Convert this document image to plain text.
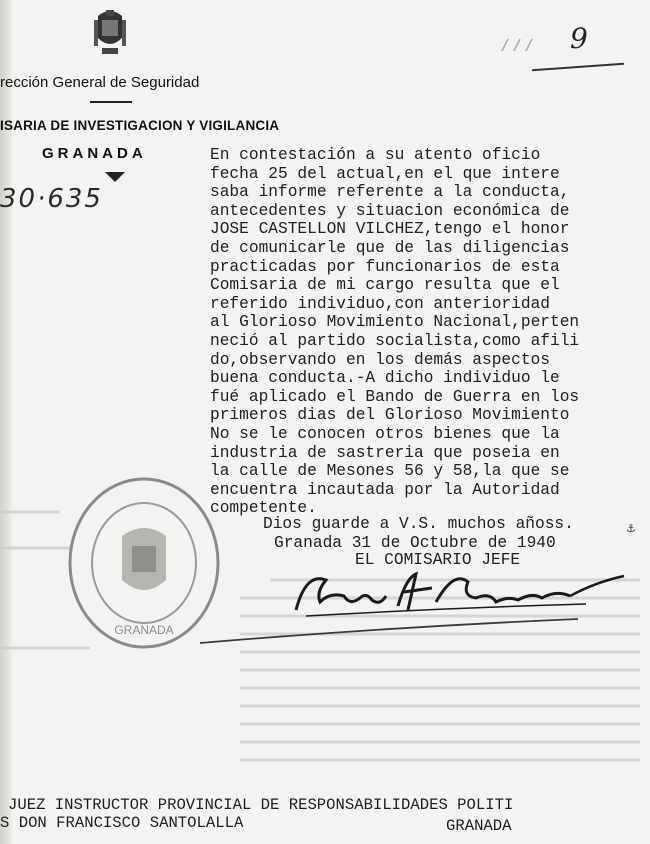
rección General de Seguridad
ISARIA DE INVESTIGACION Y VIGILANCIA
GRANADA
30·635
9
GRANADA
En contestación a su atento oficio
fecha 25 del actual,en el que intere
saba informe referente a la conducta,
antecedentes y situacion económica de
JOSE CASTELLON VILCHEZ,tengo el honor
de comunicarle que de las diligencias
practicadas por funcionarios de esta
Comisaria de mi cargo resulta que el
referido individuo,con anterioridad
al Glorioso Movimiento Nacional,perten
neció al partido socialista,como afili
do,observando en los demás aspectos
buena conducta.-A dicho individuo le
fué aplicado el Bando de Guerra en los
primeros dias del Glorioso Movimiento
No se le conocen otros bienes que la
industria de sastreria que poseia en
la calle de Mesones 56 y 58,la que se
encuentra incautada por la Autoridad
competente.
Dios guarde a V.S. muchos añoss.	⚓
Granada 31 de Octubre de 1940
EL COMISARIO JEFE
JUEZ INSTRUCTOR PROVINCIAL DE RESPONSABILIDADES POLITI
S DON FRANCISCO SANTOLALLA	GRANADA
